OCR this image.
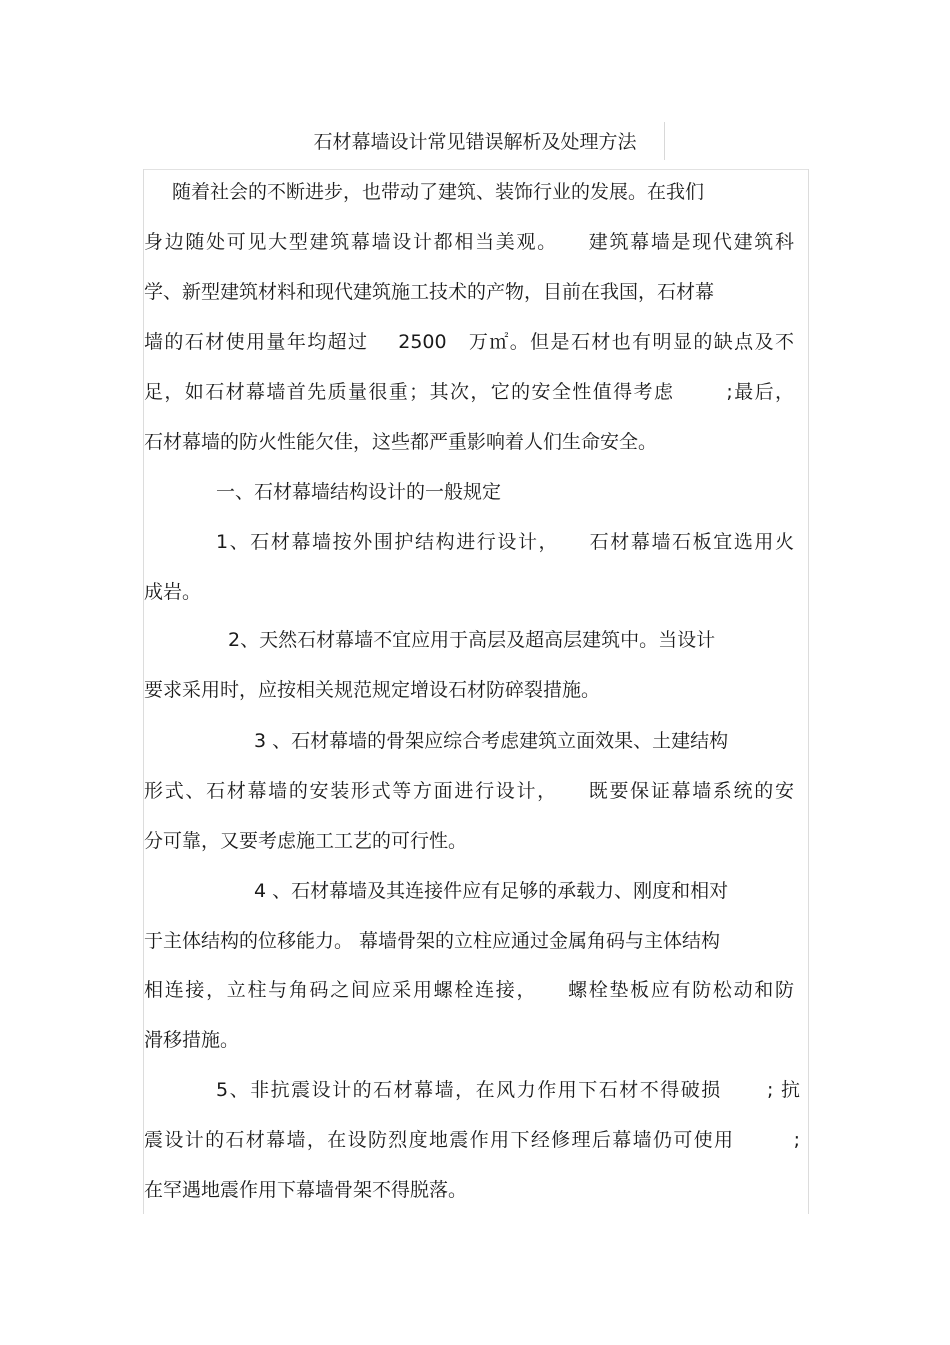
石材幕墙设计常见错误解析及处理方法
随着社会的不断进步，也带动了建筑、装饰行业的发展。在我们
身边随处可见大型建筑幕墙设计都相当美观。    建筑幕墙是现代建筑科
学、新型建筑材料和现代建筑施工技术的产物，目前在我国，石材幕
墙的石材使用量年均超过    2500   万㎡。但是石材也有明显的缺点及不
足，如石材幕墙首先质量很重；其次，它的安全性值得考虑       ;最后，
石材幕墙的防火性能欠佳，这些都严重影响着人们生命安全。
一、石材幕墙结构设计的一般规定
1、石材幕墙按外围护结构进行设计，    石材幕墙石板宜选用火
成岩。
2、天然石材幕墙不宜应用于高层及超高层建筑中。当设计
要求采用时，应按相关规范规定增设石材防碎裂措施。
3 、石材幕墙的骨架应综合考虑建筑立面效果、土建结构
形式、石材幕墙的安装形式等方面进行设计，    既要保证幕墙系统的安
分可靠，又要考虑施工工艺的可行性。
4 、石材幕墙及其连接件应有足够的承载力、刚度和相对
于主体结构的位移能力。 幕墙骨架的立柱应通过金属角码与主体结构
相连接，立柱与角码之间应采用螺栓连接，    螺栓垫板应有防松动和防
滑移措施。
5、非抗震设计的石材幕墙，在风力作用下石材不得破损      ; 抗
震设计的石材幕墙，在设防烈度地震作用下经修理后幕墙仍可使用        ;
在罕遇地震作用下幕墙骨架不得脱落。
